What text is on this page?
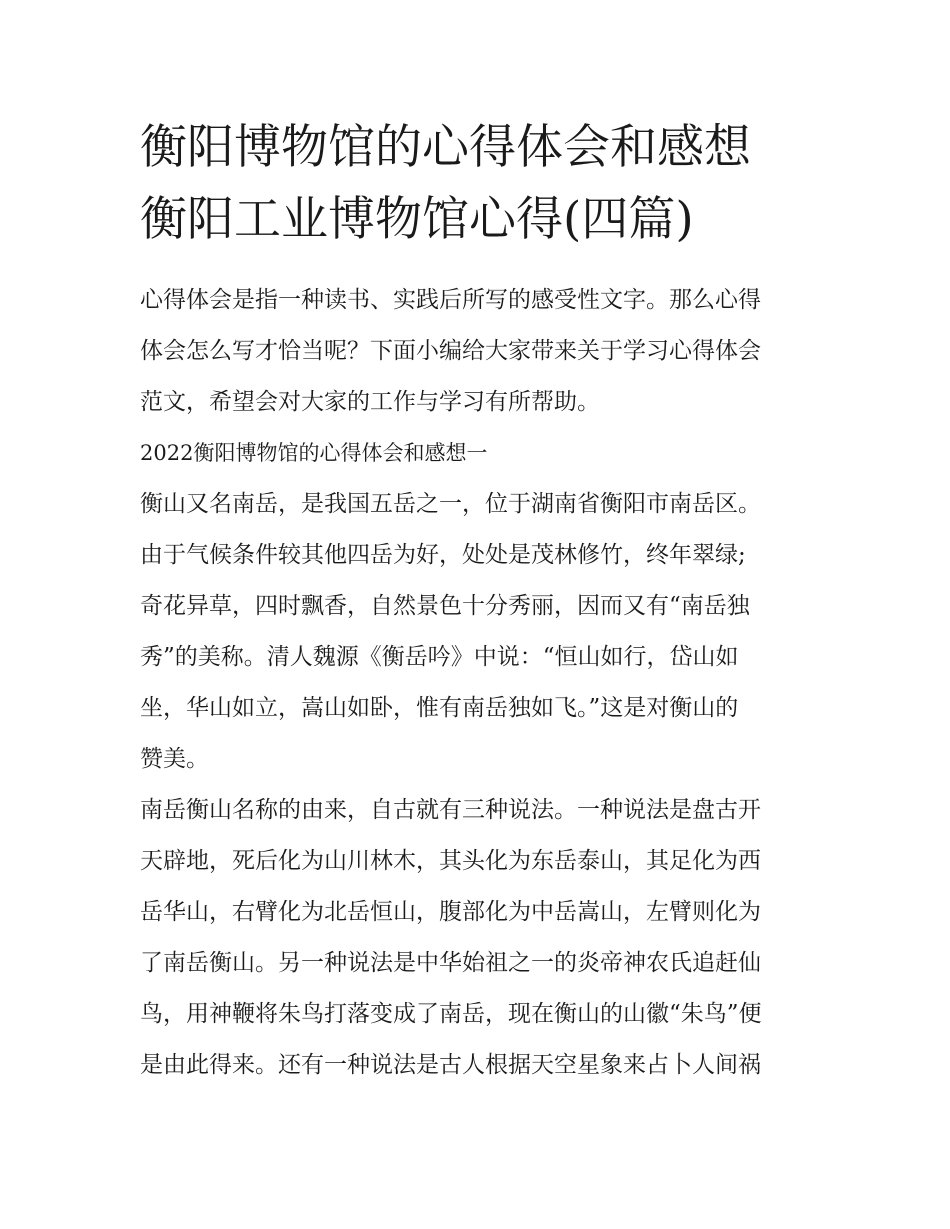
衡阳博物馆的心得体会和感想
衡阳工业博物馆心得(四篇)
心得体会是指一种读书、实践后所写的感受性文字。那么心得
体会怎么写才恰当呢？下面小编给大家带来关于学习心得体会
范文，希望会对大家的工作与学习有所帮助。
2022衡阳博物馆的心得体会和感想一
衡山又名南岳，是我国五岳之一，位于湖南省衡阳市南岳区。
由于气候条件较其他四岳为好，处处是茂林修竹，终年翠绿;
奇花异草，四时飘香，自然景色十分秀丽，因而又有“南岳独
秀”的美称。清人魏源《衡岳吟》中说：“恒山如行，岱山如
坐，华山如立，嵩山如卧，惟有南岳独如飞。”这是对衡山的
赞美。
南岳衡山名称的由来，自古就有三种说法。一种说法是盘古开
天辟地，死后化为山川林木，其头化为东岳泰山，其足化为西
岳华山，右臂化为北岳恒山，腹部化为中岳嵩山，左臂则化为
了南岳衡山。另一种说法是中华始祖之一的炎帝神农氏追赶仙
鸟，用神鞭将朱鸟打落变成了南岳，现在衡山的山徽“朱鸟”便
是由此得来。还有一种说法是古人根据天空星象来占卜人间祸
